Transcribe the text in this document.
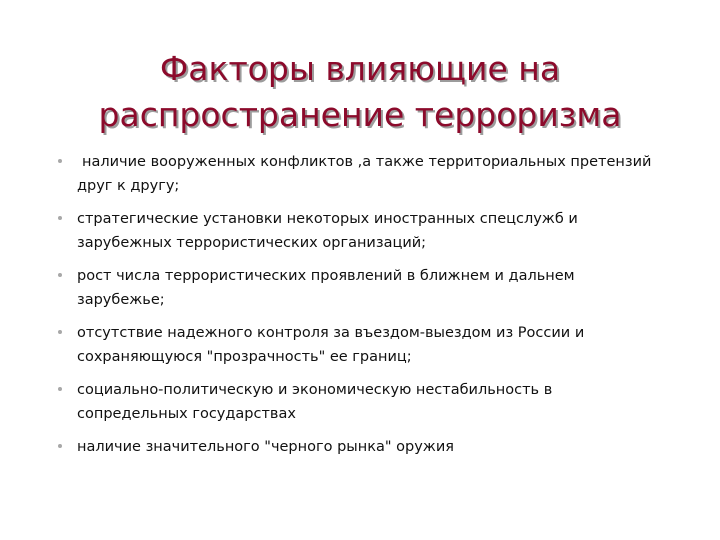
Факторы влияющие на распространение терроризма
наличие вооруженных конфликтов ,а также территориальных претензий друг к другу;
стратегические установки некоторых иностранных спецслужб и зарубежных террористических организаций;
рост числа террористических проявлений в ближнем и дальнем зарубежье;
отсутствие надежного контроля за въездом-выездом из России и сохраняющуюся "прозрачность" ее границ;
социально-политическую и экономическую нестабильность в сопредельных государствах
наличие значительного "черного рынка" оружия
